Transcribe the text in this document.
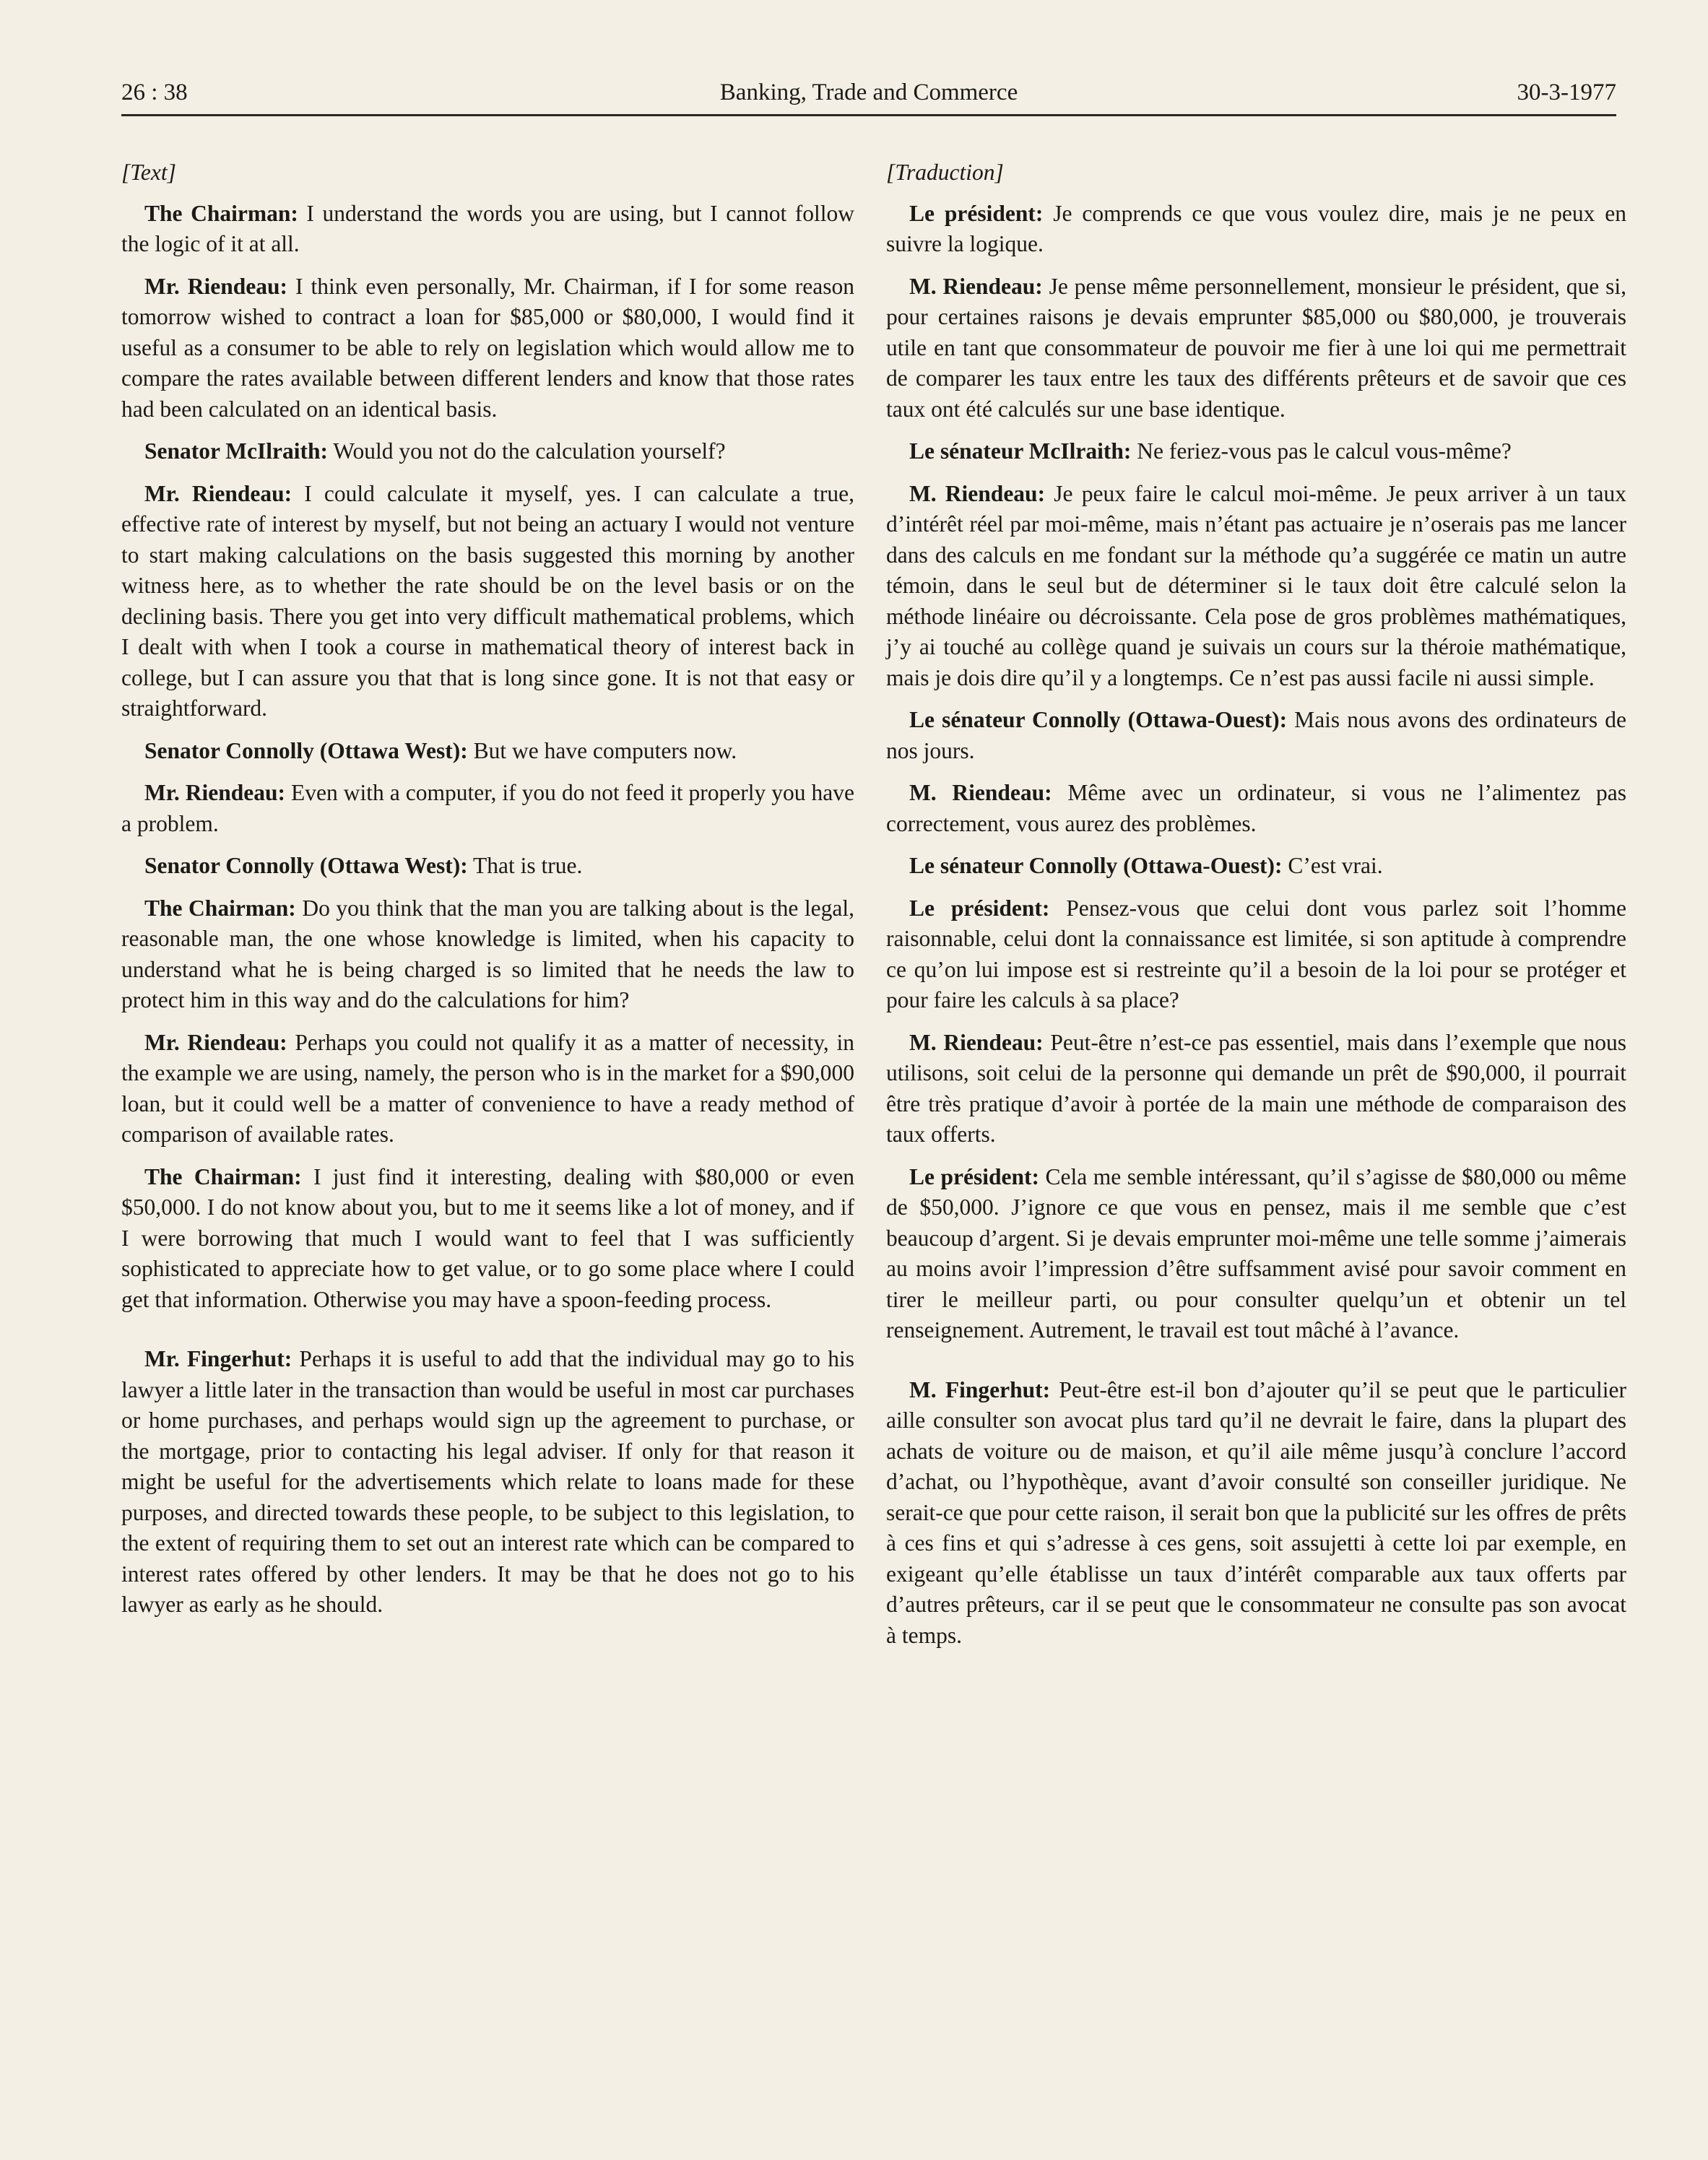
26 : 38	Banking, Trade and Commerce	30-3-1977

[Text]

The Chairman: I understand the words you are using, but I cannot follow the logic of it at all.

Mr. Riendeau: I think even personally, Mr. Chairman, if I for some reason tomorrow wished to contract a loan for $85,000 or $80,000, I would find it useful as a consumer to be able to rely on legislation which would allow me to compare the rates available between different lenders and know that those rates had been calculated on an identical basis.

Senator McIlraith: Would you not do the calculation yourself?

Mr. Riendeau: I could calculate it myself, yes. I can calculate a true, effective rate of interest by myself, but not being an actuary I would not venture to start making calculations on the basis suggested this morning by another witness here, as to whether the rate should be on the level basis or on the declining basis. There you get into very difficult mathematical problems, which I dealt with when I took a course in mathematical theory of interest back in college, but I can assure you that that is long since gone. It is not that easy or straightforward.

Senator Connolly (Ottawa West): But we have computers now.

Mr. Riendeau: Even with a computer, if you do not feed it properly you have a problem.

Senator Connolly (Ottawa West): That is true.

The Chairman: Do you think that the man you are talking about is the legal, reasonable man, the one whose knowledge is limited, when his capacity to understand what he is being charged is so limited that he needs the law to protect him in this way and do the calculations for him?

Mr. Riendeau: Perhaps you could not qualify it as a matter of necessity, in the example we are using, namely, the person who is in the market for a $90,000 loan, but it could well be a matter of convenience to have a ready method of comparison of available rates.

The Chairman: I just find it interesting, dealing with $80,000 or even $50,000. I do not know about you, but to me it seems like a lot of money, and if I were borrowing that much I would want to feel that I was sufficiently sophisticated to appreciate how to get value, or to go some place where I could get that information. Otherwise you may have a spoon-feeding process.

Mr. Fingerhut: Perhaps it is useful to add that the individual may go to his lawyer a little later in the transaction than would be useful in most car purchases or home purchases, and perhaps would sign up the agreement to purchase, or the mortgage, prior to contacting his legal adviser. If only for that reason it might be useful for the advertisements which relate to loans made for these purposes, and directed towards these people, to be subject to this legislation, to the extent of requiring them to set out an interest rate which can be compared to interest rates offered by other lenders. It may be that he does not go to his lawyer as early as he should.

[Traduction]

Le président: Je comprends ce que vous voulez dire, mais je ne peux en suivre la logique.

M. Riendeau: Je pense même personnellement, monsieur le président, que si, pour certaines raisons je devais emprunter $85,000 ou $80,000, je trouverais utile en tant que consommateur de pouvoir me fier à une loi qui me permettrait de comparer les taux entre les taux des différents prêteurs et de savoir que ces taux ont été calculés sur une base identique.

Le sénateur McIlraith: Ne feriez-vous pas le calcul vous-même?

M. Riendeau: Je peux faire le calcul moi-même. Je peux arriver à un taux d’intérêt réel par moi-même, mais n’étant pas actuaire je n’oserais pas me lancer dans des calculs en me fondant sur la méthode qu’a suggérée ce matin un autre témoin, dans le seul but de déterminer si le taux doit être calculé selon la méthode linéaire ou décroissante. Cela pose de gros problèmes mathématiques, j’y ai touché au collège quand je suivais un cours sur la théroie mathématique, mais je dois dire qu’il y a longtemps. Ce n’est pas aussi facile ni aussi simple.

Le sénateur Connolly (Ottawa-Ouest): Mais nous avons des ordinateurs de nos jours.

M. Riendeau: Même avec un ordinateur, si vous ne l’alimentez pas correctement, vous aurez des problèmes.

Le sénateur Connolly (Ottawa-Ouest): C’est vrai.

Le président: Pensez-vous que celui dont vous parlez soit l’homme raisonnable, celui dont la connaissance est limitée, si son aptitude à comprendre ce qu’on lui impose est si restreinte qu’il a besoin de la loi pour se protéger et pour faire les calculs à sa place?

M. Riendeau: Peut-être n’est-ce pas essentiel, mais dans l’exemple que nous utilisons, soit celui de la personne qui demande un prêt de $90,000, il pourrait être très pratique d’avoir à portée de la main une méthode de comparaison des taux offerts.

Le président: Cela me semble intéressant, qu’il s’agisse de $80,000 ou même de $50,000. J’ignore ce que vous en pensez, mais il me semble que c’est beaucoup d’argent. Si je devais emprunter moi-même une telle somme j’aimerais au moins avoir l’impression d’être suffsamment avisé pour savoir comment en tirer le meilleur parti, ou pour consulter quelqu’un et obtenir un tel renseignement. Autrement, le travail est tout mâché à l’avance.

M. Fingerhut: Peut-être est-il bon d’ajouter qu’il se peut que le particulier aille consulter son avocat plus tard qu’il ne devrait le faire, dans la plupart des achats de voiture ou de maison, et qu’il aile même jusqu’à conclure l’accord d’achat, ou l’hypothèque, avant d’avoir consulté son conseiller juridique. Ne serait-ce que pour cette raison, il serait bon que la publicité sur les offres de prêts à ces fins et qui s’adresse à ces gens, soit assujetti à cette loi par exemple, en exigeant qu’elle établisse un taux d’intérêt comparable aux taux offerts par d’autres prêteurs, car il se peut que le consommateur ne consulte pas son avocat à temps.
